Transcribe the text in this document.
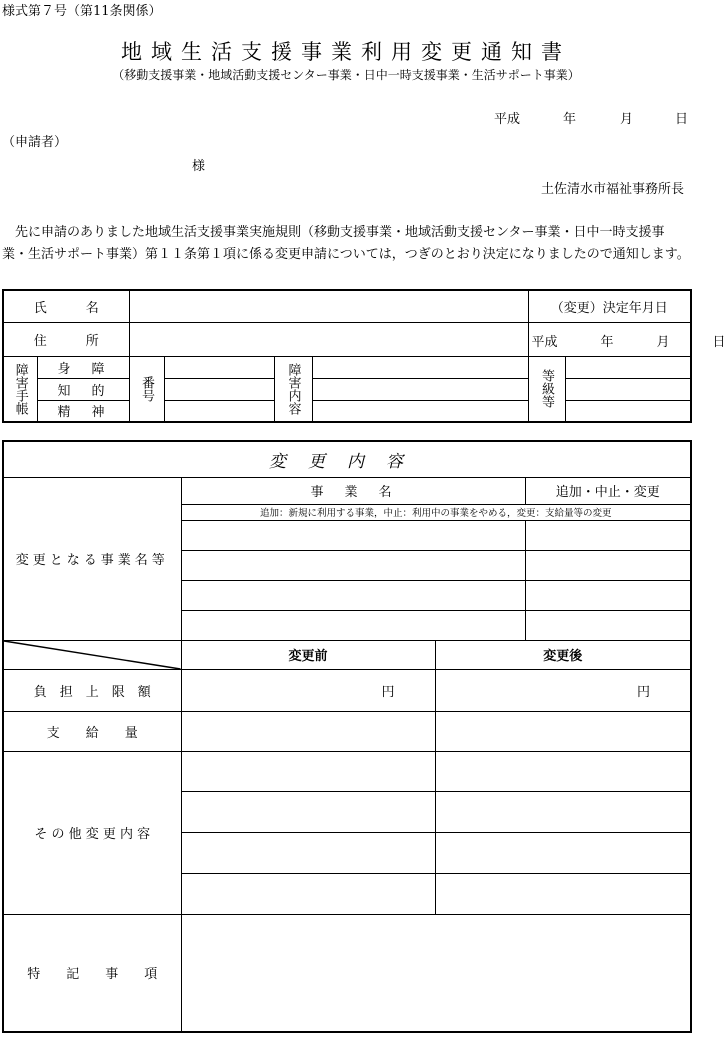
様式第７号（第11条関係）
地域生活支援事業利用変更通知書
（移動支援事業・地域活動支援センター事業・日中一時支援事業・生活サポート事業）
平成	年	月	日
（申請者）
様
土佐清水市福祉事務所長
先に申請のありました地域生活支援事業実施規則（移動支援事業・地域活動支援センター事業・日中一時支援事業・生活サポート事業）第１１条第１項に係る変更申請については，つぎのとおり決定になりましたので通知します。
氏　　　名						（変更）決定年月日	
住　　　所						平成 年 月 日	

障害手帳	身　障	番号		障害内容		等級等	
	知　的						
	精　神						
変更内容			
変更となる事業名等	事　業　名		追加・中止・変更
	追加：新規に利用する事業，中止：利用中の事業をやめる，変更：支給量等の変更		

	変更前	変更後	
負　担　上　限　額	円	円	
支　　給　　量			
そ の 他 変 更 内 容			

特　　記　　事　　項			
